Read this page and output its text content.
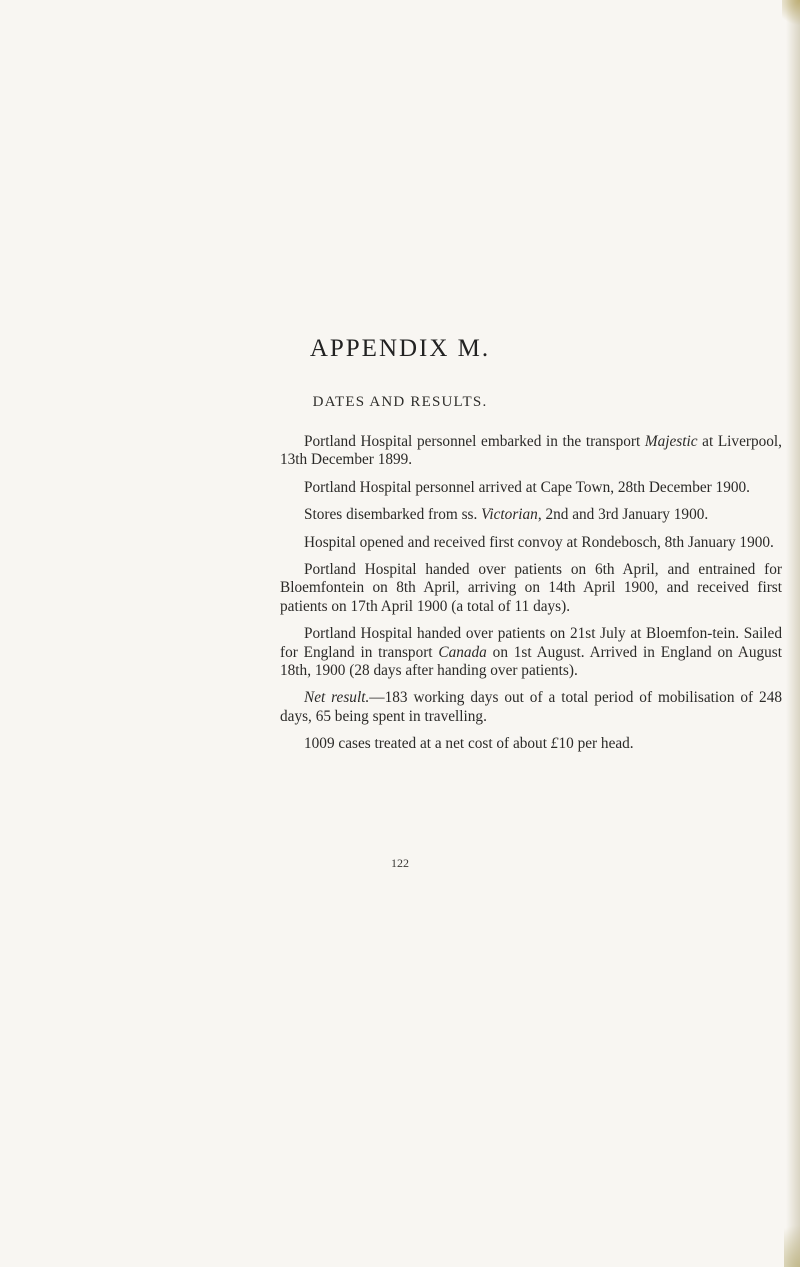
APPENDIX M.
DATES AND RESULTS.

Portland Hospital personnel embarked in the transport Majestic at Liverpool, 13th December 1899.

Portland Hospital personnel arrived at Cape Town, 28th December 1900.

Stores disembarked from ss. Victorian, 2nd and 3rd January 1900.

Hospital opened and received first convoy at Rondebosch, 8th January 1900.

Portland Hospital handed over patients on 6th April, and entrained for Bloemfontein on 8th April, arriving on 14th April 1900, and received first patients on 17th April 1900 (a total of 11 days).

Portland Hospital handed over patients on 21st July at Bloemfon-tein. Sailed for England in transport Canada on 1st August. Arrived in England on August 18th, 1900 (28 days after handing over patients).

Net result.—183 working days out of a total period of mobilisation of 248 days, 65 being spent in travelling.

1009 cases treated at a net cost of about £10 per head.

122
